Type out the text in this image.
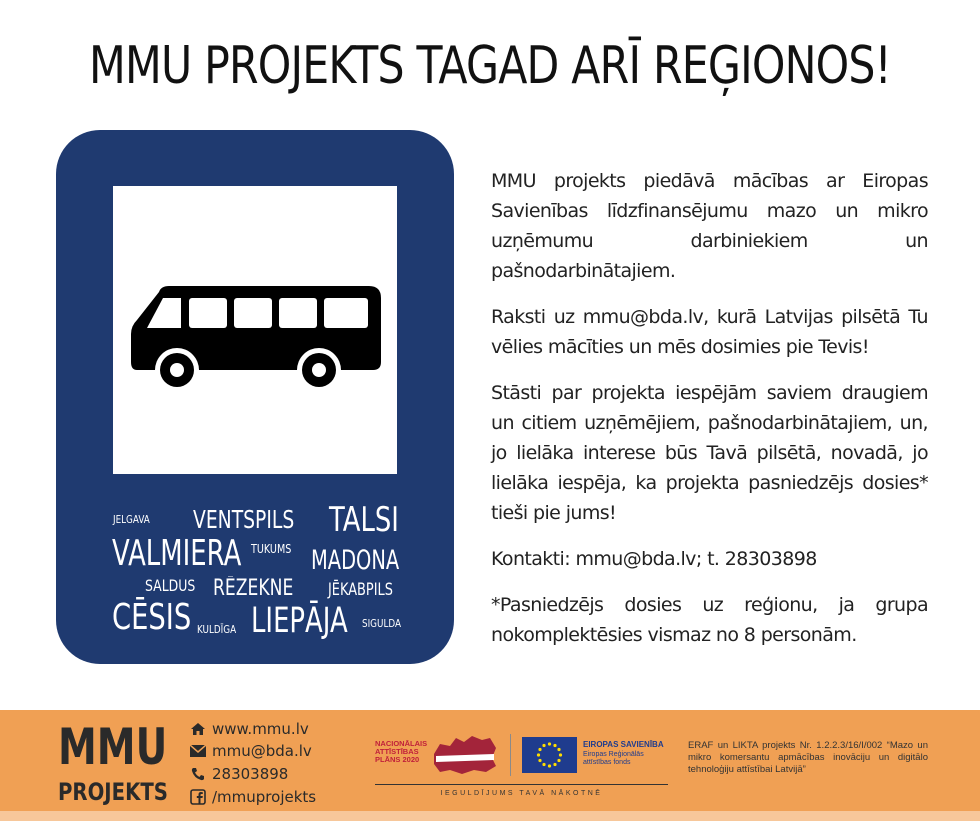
MMU PROJEKTS TAGAD ARĪ REĢIONOS!
JELGAVA VENTSPILS TALSI
VALMIERA TUKUMS MADONA
SALDUS RĒZEKNE JĒKABPILS
CĒSIS KULDĪGA LIEPĀJA SIGULDA

MMU projekts piedāvā mācības ar Eiropas Savienības līdzfinansējumu mazo un mikro uzņēmumu darbiniekiem un pašnodarbinātajiem.

Raksti uz mmu@bda.lv, kurā Latvijas pilsētā Tu vēlies mācīties un mēs dosimies pie Tevis!

Stāsti par projekta iespējām saviem draugiem un citiem uzņēmējiem, pašnodarbinātajiem, un, jo lielāka interese būs Tavā pilsētā, novadā, jo lielāka iespēja, ka projekta pasniedzējs dosies* tieši pie jums!

Kontakti: mmu@bda.lv; t. 28303898

*Pasniedzējs dosies uz reģionu, ja grupa nokomplektēsies vismaz no 8 personām.

MMU
PROJEKTS
www.mmu.lv
mmu@bda.lv
28303898
/mmuprojekts
NACIONĀLAIS ATTĪSTĪBAS PLĀNS 2020
EIROPAS SAVIENĪBA
Eiropas Reģionālās attīstības fonds
IEGULDĪJUMS TAVĀ NĀKOTNĒ
ERAF un LIKTA projekts Nr. 1.2.2.3/16/I/002 “Mazo un mikro komersantu apmācības inovāciju un digitālo tehnoloģiju attīstībai Latvijā”
